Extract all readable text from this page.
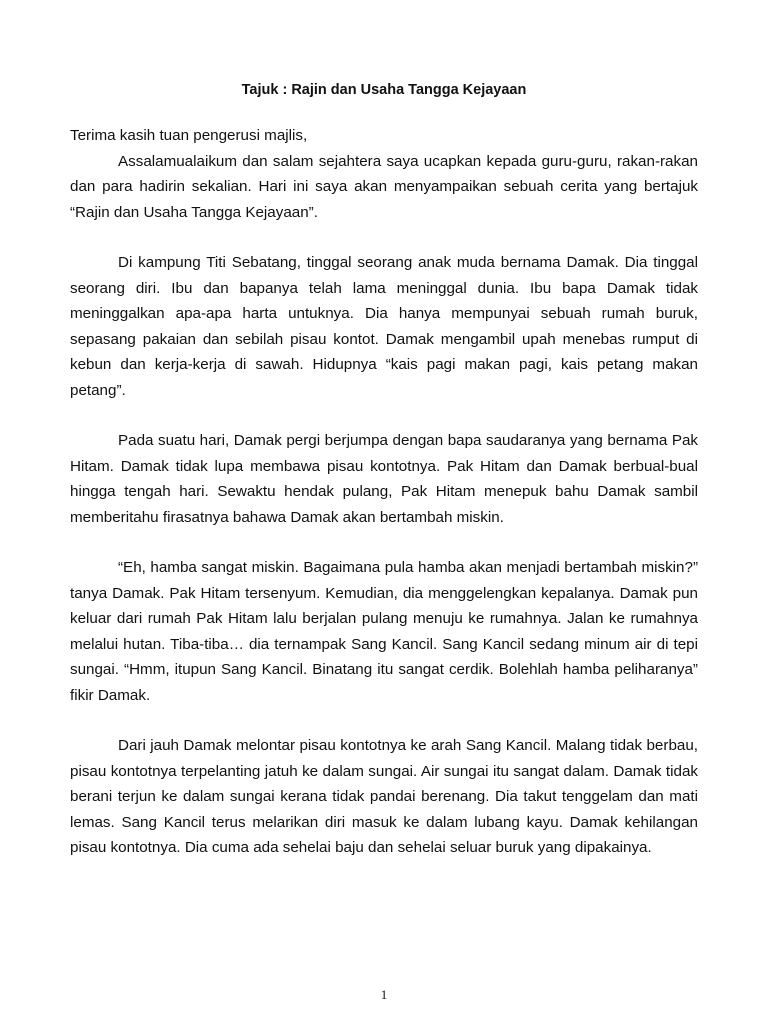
Tajuk : Rajin dan Usaha Tangga Kejayaan

Terima kasih tuan pengerusi majlis,

Assalamualaikum dan salam sejahtera saya ucapkan kepada guru-guru, rakan-rakan dan para hadirin sekalian. Hari ini saya akan menyampaikan sebuah cerita yang bertajuk “Rajin dan Usaha Tangga Kejayaan”.

Di kampung Titi Sebatang, tinggal seorang anak muda bernama Damak. Dia tinggal seorang diri. Ibu dan bapanya telah lama meninggal dunia. Ibu bapa Damak tidak meninggalkan apa-apa harta untuknya. Dia hanya mempunyai sebuah rumah buruk, sepasang pakaian dan sebilah pisau kontot. Damak mengambil upah menebas rumput di kebun dan kerja-kerja di sawah. Hidupnya “kais pagi makan pagi, kais petang makan petang”.

Pada suatu hari, Damak pergi berjumpa dengan bapa saudaranya yang bernama Pak Hitam. Damak tidak lupa membawa pisau kontotnya. Pak Hitam dan Damak berbual-bual hingga tengah hari. Sewaktu hendak pulang, Pak Hitam menepuk bahu Damak sambil memberitahu firasatnya bahawa Damak akan bertambah miskin.

“Eh, hamba sangat miskin. Bagaimana pula hamba akan menjadi bertambah miskin?” tanya Damak. Pak Hitam tersenyum. Kemudian, dia menggelengkan kepalanya. Damak pun keluar dari rumah Pak Hitam lalu berjalan pulang menuju ke rumahnya. Jalan ke rumahnya melalui hutan. Tiba-tiba… dia ternampak Sang Kancil. Sang Kancil sedang minum air di tepi sungai. “Hmm, itupun Sang Kancil. Binatang itu sangat cerdik. Bolehlah hamba peliharanya” fikir Damak.

Dari jauh Damak melontar pisau kontotnya ke arah Sang Kancil. Malang tidak berbau, pisau kontotnya terpelanting jatuh ke dalam sungai. Air sungai itu sangat dalam. Damak tidak berani terjun ke dalam sungai kerana tidak pandai berenang. Dia takut tenggelam dan mati lemas. Sang Kancil terus melarikan diri masuk ke dalam lubang kayu. Damak kehilangan pisau kontotnya. Dia cuma ada sehelai baju dan sehelai seluar buruk yang dipakainya.

1
